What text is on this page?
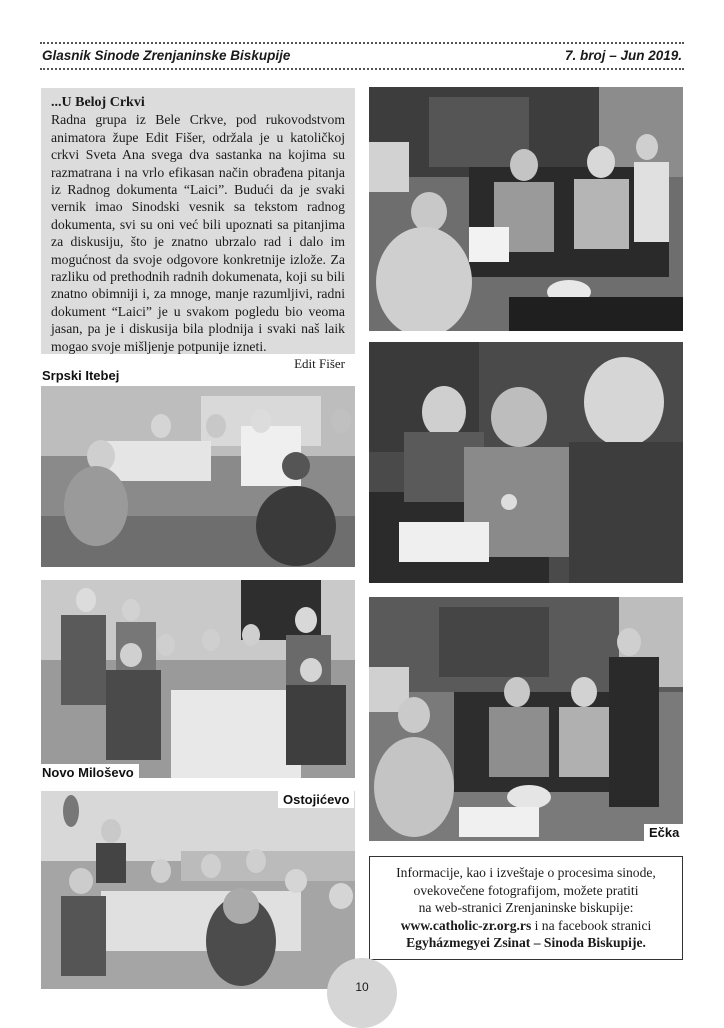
Glasnik Sinode Zrenjaninske Biskupije	7. broj – Jun 2019.
...U Beloj Crkvi
Radna grupa iz Bele Crkve, pod rukovodstvom animatora župe Edit Fišer, održala je u katoličkoj crkvi Sveta Ana svega dva sastanka na kojima su razmatrana i na vrlo efikasan način obrađena pitanja iz Radnog dokumenta “Laici”. Budući da je svaki vernik imao Sinodski vesnik sa tekstom radnog dokumenta, svi su oni već bili upoznati sa pitanjima za diskusiju, što je znatno ubrzalo rad i dalo im mogućnost da svoje odgovore konkretnije izlože. Za razliku od prethodnih radnih dokumenata, koji su bili znatno obimniji i, za mnoge, manje razumljivi, radni dokument “Laici” je u svakom pogledu bio veoma jasan, pa je i diskusija bila plodnija i svaki naš laik mogao svoje mišljenje potpunije izneti.
Edit Fišer
Srpski Itebej
Novo Miloševo
Ostojićevo
Ečka
Informacije, kao i izveštaje o procesima sinode,
ovekovečene fotografijom, možete pratiti
na web-stranici Zrenjaninske biskupije:
www.catholic-zr.org.rs i na facebook stranici
Egyházmegyei Zsinat – Sinoda Biskupije.
10
